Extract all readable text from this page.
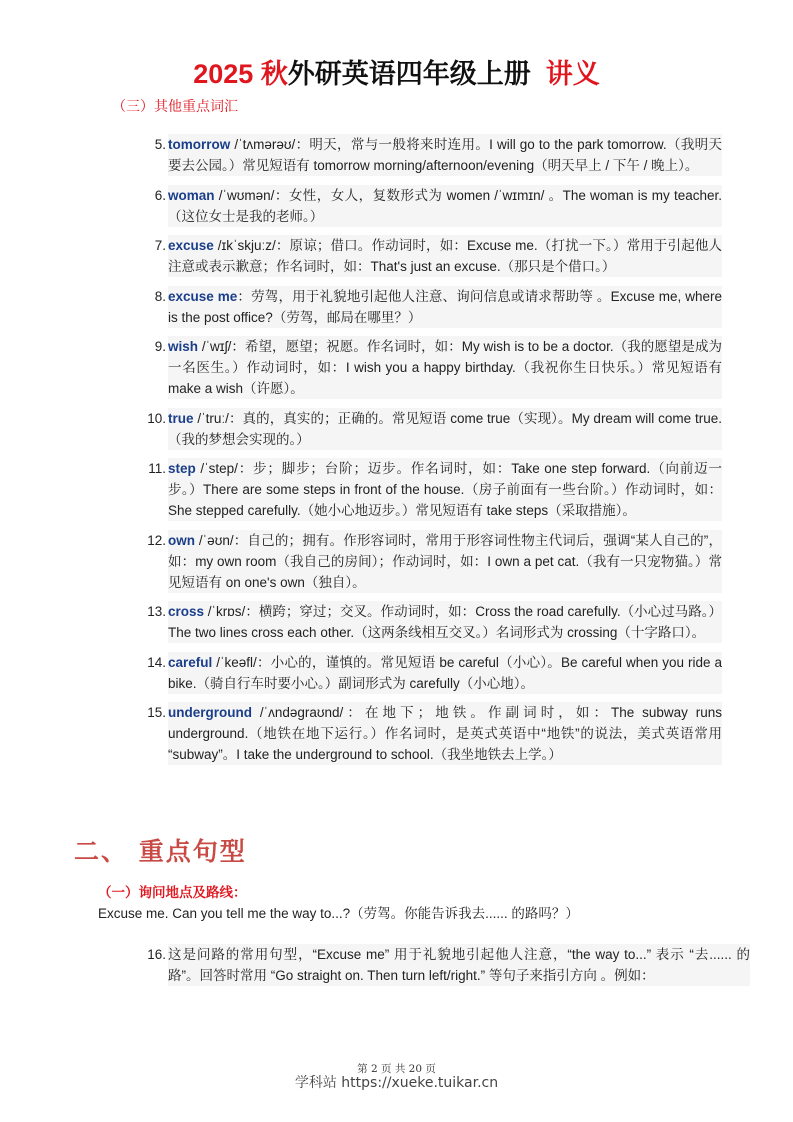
2025 秋外研英语四年级上册 讲义
（三）其他重点词汇
5. tomorrow /ˈtʌmərəʊ/：明天，常与一般将来时连用。I will go to the park tomorrow.（我明天要去公园。）常见短语有 tomorrow morning/afternoon/evening（明天早上 / 下午 / 晚上）。
6. woman /ˈwʊmən/：女性，女人，复数形式为 women /ˈwɪmɪn/ 。The woman is my teacher.（这位女士是我的老师。）
7. excuse /ɪkˈskjuːz/：原谅；借口。作动词时，如：Excuse me.（打扰一下。）常用于引起他人注意或表示歉意；作名词时，如：That's just an excuse.（那只是个借口。）
8. excuse me：劳驾，用于礼貌地引起他人注意、询问信息或请求帮助等 。Excuse me, where is the post office?（劳驾，邮局在哪里？）
9. wish /ˈwɪʃ/：希望，愿望；祝愿。作名词时，如：My wish is to be a doctor.（我的愿望是成为一名医生。）作动词时，如：I wish you a happy birthday.（我祝你生日快乐。）常见短语有 make a wish（许愿）。
10. true /ˈtruː/：真的，真实的；正确的。常见短语 come true（实现）。My dream will come true.（我的梦想会实现的。）
11. step /ˈstep/：步；脚步；台阶；迈步。作名词时，如：Take one step forward.（向前迈一步。）There are some steps in front of the house.（房子前面有一些台阶。）作动词时，如：She stepped carefully.（她小心地迈步。）常见短语有 take steps（采取措施）。
12. own /ˈəʊn/：自己的；拥有。作形容词时，常用于形容词性物主代词后，强调“某人自己的”，如：my own room（我自己的房间）；作动词时，如：I own a pet cat.（我有一只宠物猫。）常见短语有 on one's own（独自）。
13. cross /ˈkrɒs/：横跨；穿过；交叉。作动词时，如：Cross the road carefully.（小心过马路。）The two lines cross each other.（这两条线相互交叉。）名词形式为 crossing（十字路口）。
14. careful /ˈkeəfl/：小心的，谨慎的。常见短语 be careful（小心）。Be careful when you ride a bike.（骑自行车时要小心。）副词形式为 carefully（小心地）。
15. underground /ˈʌndəgraʊnd/：在地下；地铁。作副词时，如：The subway runs underground.（地铁在地下运行。）作名词时，是英式英语中“地铁”的说法，美式英语常用 “subway”。I take the underground to school.（我坐地铁去上学。）
二、 重点句型
（一）询问地点及路线：Excuse me. Can you tell me the way to...?（劳驾。你能告诉我去...... 的路吗？）
16. 这是问路的常用句型，“Excuse me” 用于礼貌地引起他人注意，“the way to...” 表示 “去...... 的路”。回答时常用 “Go straight on. Then turn left/right.” 等句子来指引方向 。例如：
第 2 页 共 20 页
学科站 https://xueke.tuikar.cn
